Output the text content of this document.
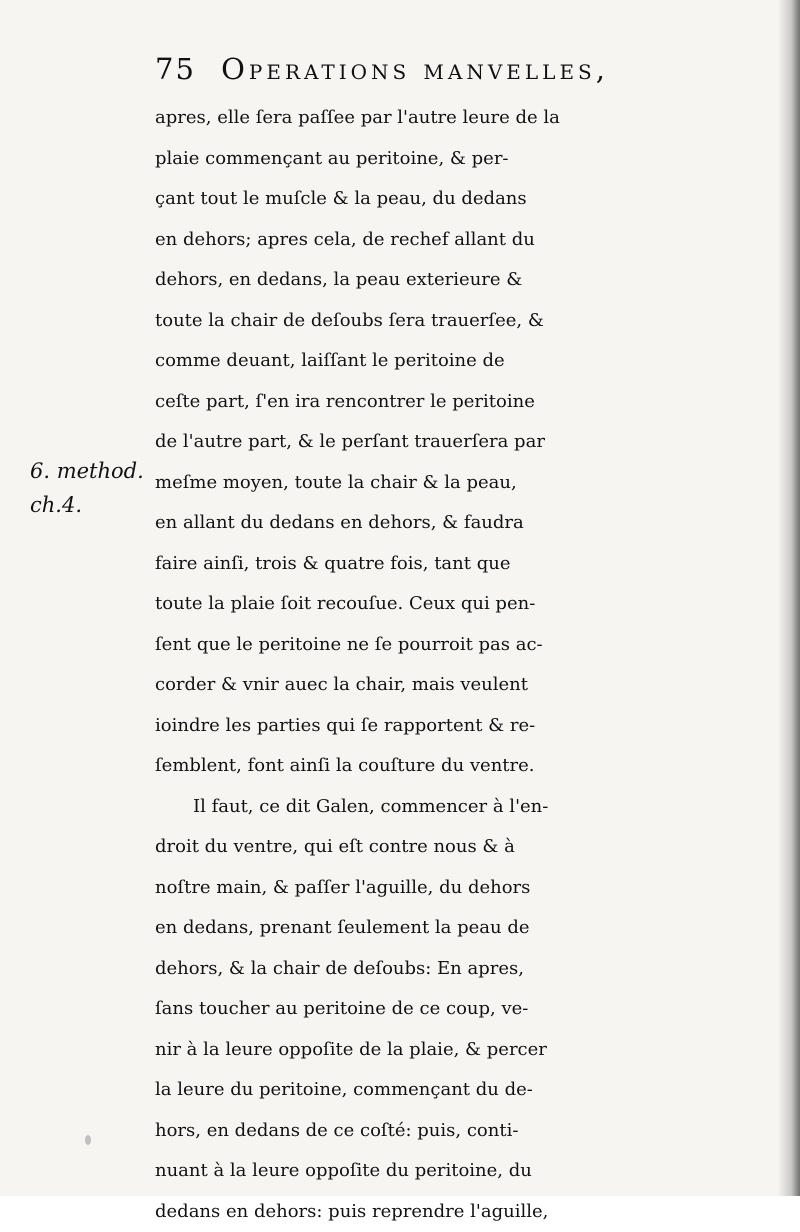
75 Operations manvelles,
6. method.
ch.4.
apres, elle ſera paſſee par l'autre leure de la
plaie commençant au peritoine, & per-
çant tout le muſcle & la peau, du dedans
en dehors; apres cela, de rechef allant du
dehors, en dedans, la peau exterieure &
toute la chair de deſoubs ſera trauerſee, &
comme deuant, laiſſant le peritoine de
ceſte part, ſ'en ira rencontrer le peritoine
de l'autre part, & le perſant trauerſera par
meſme moyen, toute la chair & la peau,
en allant du dedans en dehors, & faudra
faire ainſi, trois & quatre fois, tant que
toute la plaie ſoit recouſue. Ceux qui pen-
ſent que le peritoine ne ſe pourroit pas ac-
corder & vnir auec la chair, mais veulent
ioindre les parties qui ſe rapportent & re-
ſemblent, font ainſi la couſture du ventre.
Il faut, ce dit Galen, commencer à l'en-
droit du ventre, qui eſt contre nous & à
noſtre main, & paſſer l'aguille, du dehors
en dedans, prenant ſeulement la peau de
dehors, & la chair de deſoubs: En apres,
ſans toucher au peritoine de ce coup, ve-
nir à la leure oppoſite de la plaie, & percer
la leure du peritoine, commençant du de-
hors, en dedans de ce coſté: puis, conti-
nuant à la leure oppoſite du peritoine, du
dedans en dehors: puis reprendre l'aguille,
